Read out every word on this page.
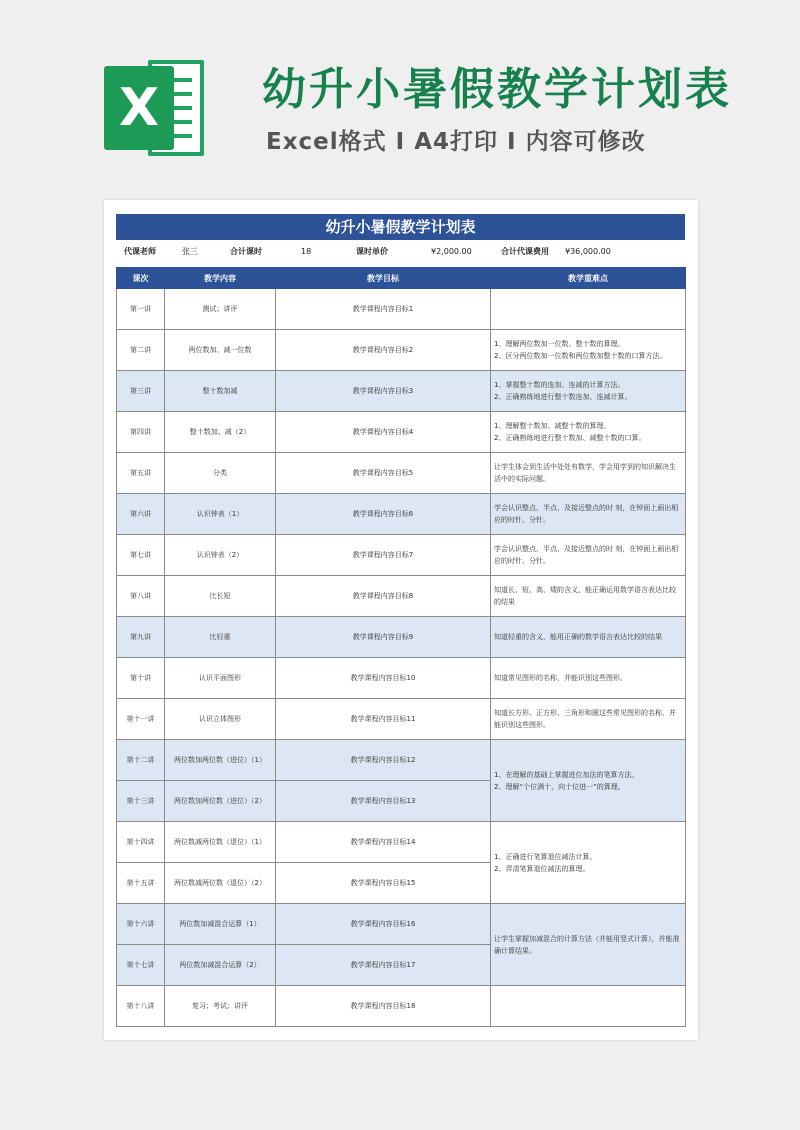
X	幼升小暑假教学计划表
Excel格式 I A4打印 I 内容可修改
幼升小暑假教学计划表
代课老师	张三	合计课时	18	课时单价	¥2,000.00	合计代课费用 ¥36,000.00
课次	教学内容	教学目标	教学重难点
第一讲	测试；讲评	教学课程内容目标1	
第二讲	两位数加、减一位数	教学课程内容目标2	1、理解两位数加一位数、整十数的算理。
2、区分两位数加一位数和两位数加整十数的口算方法。
第三讲	整十数加减	教学课程内容目标3	1、掌握整十数的连加、连减的计算方法。
2、正确熟练地进行整十数连加、连减计算。
第四讲	整十数加、减（2）	教学课程内容目标4	1、理解整十数加、减整十数的算理。
2、正确熟练地进行整十数加、减整十数的口算。
第五讲	分类	教学课程内容目标5	让学生体会到生活中处处有数学，学会用学到的知识解决生活中的实际问题。
第六讲	认识钟表（1）	教学课程内容目标6	学会认识整点、半点、及接近整点的时 刻，在钟面上画出相应的时针、分针。
第七讲	认识钟表（2）	教学课程内容目标7	学会认识整点、半点、及接近整点的时 刻，在钟面上画出相应的时针、分针。
第八讲	比长短	教学课程内容目标8	知道长、短、高、矮的含义，能正确运用数学语言表达比较的结果
第九讲	比轻重	教学课程内容目标9	知道轻重的含义，能用正确的数学语言表达比较的结果
第十讲	认识平面图形	教学课程内容目标10	知道常见图形的名称，并能识别这些图形。
第十一讲	认识立体图形	教学课程内容目标11	知道长方形、正方形、三角形和圆这些常见图形的名称，并能识别这些图形。
第十二讲	两位数加两位数（进位）（1）	教学课程内容目标12	1、在理解的基础上掌握进位加法的笔算方法。
2、理解“个位满十，向十位进一”的算理。
第十三讲	两位数加两位数（进位）（2）	教学课程内容目标13	
第十四讲	两位数减两位数（退位）（1）	教学课程内容目标14	1、正确进行笔算退位减法计算。
2、弄清笔算退位减法的算理。
第十五讲	两位数减两位数（退位）（2）	教学课程内容目标15	
第十六讲	两位数加减混合运算（1）	教学课程内容目标16	让学生掌握加减混合的计算方法（并能用竖式计算），并能准确计算结果。
第十七讲	两位数加减混合运算（2）	教学课程内容目标17	
第十八讲	复习；考试；讲评	教学课程内容目标18	
